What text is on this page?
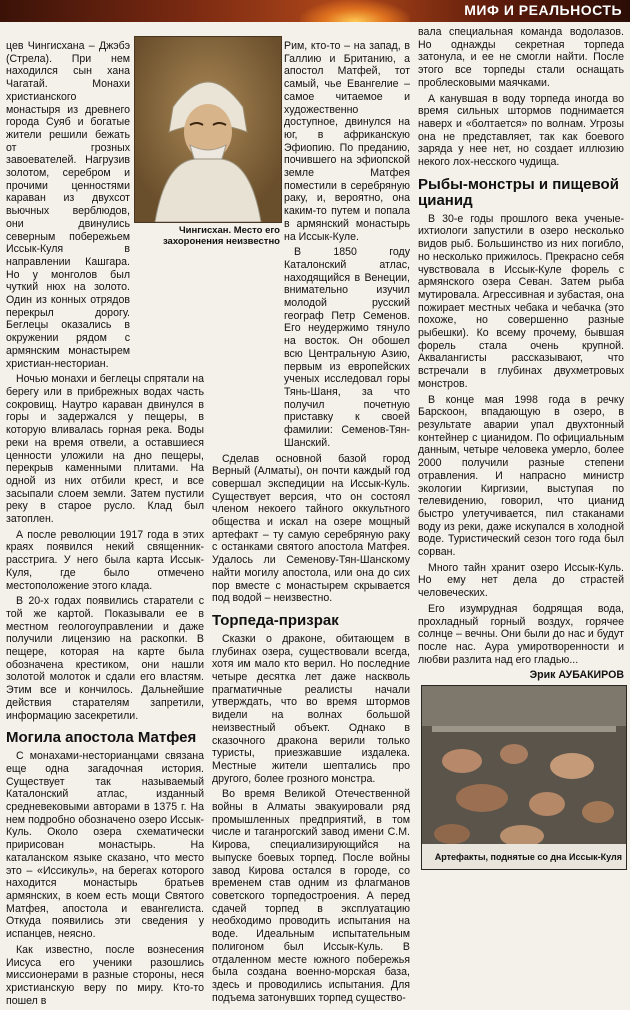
МИФ И РЕАЛЬНОСТЬ

цев Чингисхана – Джэбэ (Стрела). При нем находился сын хана Чагатай. Монахи христианского монастыря из древнего города Суяб и богатые жители решили бежать от грозных завоевателей. Нагрузив золотом, серебром и прочими ценностями караван из двухсот вьючных верблюдов, они двинулись северным побережьем Иссык-Куля в направлении Кашгара. Но у монголов был чуткий нюх на золото. Один из конных отрядов перекрыл дорогу. Беглецы оказались в окружении рядом с армянским монастырем христиан-несториан.

Ночью монахи и беглецы спрятали на берегу или в прибрежных водах часть сокровищ. Наутро караван двинулся в горы и задержался у пещеры, в которую вливалась горная река. Воды реки на время отвели, а оставшиеся ценности уложили на дно пещеры, перекрыв каменными плитами. На одной из них отбили крест, и все засыпали слоем земли. Затем пустили реку в старое русло. Клад был затоплен.

А после революции 1917 года в этих краях появился некий священник-расстрига. У него была карта Иссык-Куля, где было отмечено местоположение этого клада.

В 20-х годах появились старатели с той же картой. Показывали ее в местном геологоуправлении и даже получили лицензию на раскопки. В пещере, которая на карте была обозначена крестиком, они нашли золотой молоток и сдали его властям. Этим все и кончилось. Дальнейшие действия старателям запретили, информацию засекретили.

Могила апостола Матфея

С монахами-несторианцами связана еще одна загадочная история. Существует так называемый Каталонский атлас, изданный средневековыми авторами в 1375 г. На нем подробно обозначено озеро Иссык-Куль. Около озера схематически пририсован монастырь. На каталанском языке сказано, что место это – «Иссикуль», на берегах которого находится монастырь братьев армянских, в коем есть мощи Святого Матфея, апостола и евангелиста. Откуда появились эти сведения у испанцев, неясно.

Как известно, после вознесения Иисуса его ученики разошлись миссионерами в разные стороны, неся христианскую веру по миру. Кто-то пошел в

Чингисхан. Место его захоронения неизвестно

Рим, кто-то – на запад, в Галлию и Британию, а апостол Матфей, тот самый, чье Евангелие – самое читаемое и художественно доступное, двинулся на юг, в африканскую Эфиопию. По преданию, почившего на эфиопской земле Матфея поместили в серебряную раку, и, вероятно, она каким-то путем и попала в армянский монастырь на Иссык-Куле.

В 1850 году Каталонский атлас, находящийся в Венеции, внимательно изучил молодой русский географ Петр Семенов. Его неудержимо тянуло на восток. Он обошел всю Центральную Азию, первым из европейских ученых исследовал горы Тянь-Шаня, за что получил почетную приставку к своей фамилии: Семенов-Тян-Шанский.

Сделав основной базой город Верный (Алматы), он почти каждый год совершал экспедиции на Иссык-Куль. Существует версия, что он состоял членом некоего тайного оккультного общества и искал на озере мощный артефакт – ту самую серебряную раку с останками святого апостола Матфея. Удалось ли Семенову-Тян-Шанскому найти могилу апостола, или она до сих пор вместе с монастырем скрывается под водой – неизвестно.

Торпеда-призрак

Сказки о драконе, обитающем в глубинах озера, существовали всегда, хотя им мало кто верил. Но последние четыре десятка лет даже наскволь прагматичные реалисты начали утверждать, что во время штормов видели на волнах большой неизвестный объект. Однако в сказочного дракона верили только туристы, приезжавшие издалека. Местные жители шептались про другого, более грозного монстра.

Во время Великой Отечественной войны в Алматы эвакуировали ряд промышленных предприятий, в том числе и таганрогский завод имени С.М. Кирова, специализирующийся на выпуске боевых торпед. После войны завод Кирова остался в городе, со временем став одним из флагманов советского торпедостроения. А перед сдачей торпед в эксплуатацию необходимо проводить испытания на воде. Идеальным испытательным полигоном был Иссык-Куль. В отдаленном месте южного побережья была создана военно-морская база, здесь и проводились испытания. Для подъема затонувших торпед существо-

вала специальная команда водолазов. Но однажды секретная торпеда затонула, и ее не смогли найти. После этого все торпеды стали оснащать проблесковыми маячками.

А канувшая в воду торпеда иногда во время сильных штормов поднимается наверх и «болтается» по волнам. Угрозы она не представляет, так как боевого заряда у нее нет, но создает иллюзию некого лох-несского чудища.

Рыбы-монстры и пищевой цианид

В 30-е годы прошлого века ученые-ихтиологи запустили в озеро несколько видов рыб. Большинство из них погибло, но несколько прижилось. Прекрасно себя чувствовала в Иссык-Куле форель с армянского озера Севан. Затем рыба мутировала. Агрессивная и зубастая, она пожирает местных чебака и чебачка (это похоже, но совершенно разные рыбешки). Ко всему прочему, бывшая форель стала очень крупной. Аквалангисты рассказывают, что встречали в глубинах двухметровых монстров.

В конце мая 1998 года в речку Барскоон, впадающую в озеро, в результате аварии упал двухтонный контейнер с цианидом. По официальным данным, четыре человека умерло, более 2000 получили разные степени отравления. И напрасно министр экологии Киргизии, выступая по телевидению, говорил, что цианид быстро улетучивается, пил стаканами воду из реки, даже искупался в холодной воде. Туристический сезон того года был сорван.

Много тайн хранит озеро Иссык-Куль. Но ему нет дела до страстей человеческих.

Его изумрудная бодрящая вода, прохладный горный воздух, горячее солнце – вечны. Они были до нас и будут после нас. Аура умиротворенности и любви разлита над его гладью...

Эрик АУБАКИРОВ

Артефакты, поднятые со дна Иссык-Куля
